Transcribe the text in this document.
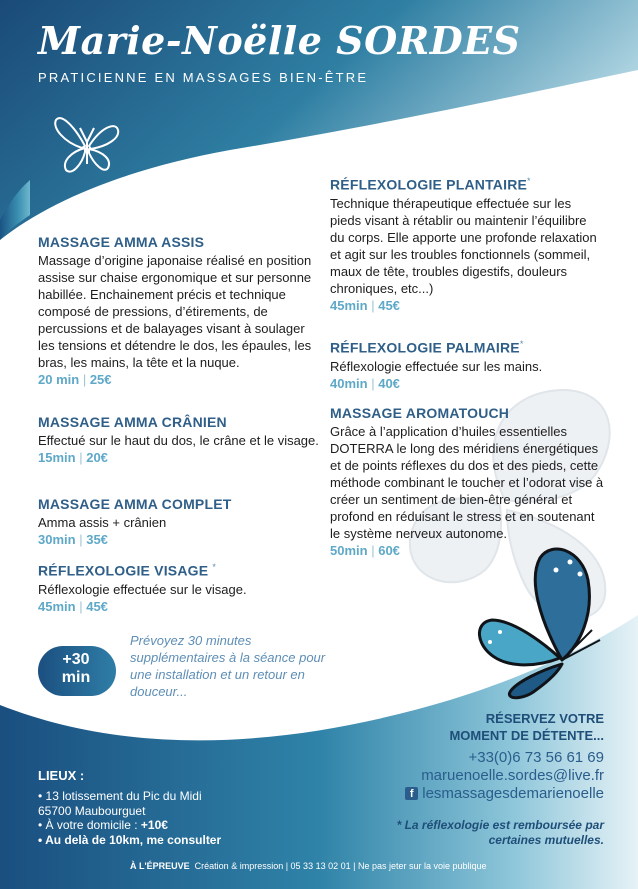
Marie-Noëlle SORDES
PRATICIENNE EN MASSAGES BIEN-ÊTRE
MASSAGE AMMA ASSIS

Massage d’origine japonaise réalisé en position assise sur chaise ergonomique et sur personne habillée. Enchainement précis et technique composé de pressions, d’étirements, de percussions et de balayages visant à soulager les tensions et détendre le dos, les épaules, les bras, les mains, la tête et la nuque.

20 min | 25€
MASSAGE AMMA CRÂNIEN

Effectué sur le haut du dos, le crâne et le visage.

15min | 20€
MASSAGE AMMA COMPLET

Amma assis + crânien

30min | 35€
RÉFLEXOLOGIE VISAGE *

Réflexologie effectuée sur le visage.

45min | 45€
RÉFLEXOLOGIE PLANTAIRE*

Technique thérapeutique effectuée sur les pieds visant à rétablir ou maintenir l’équilibre du corps. Elle apporte une profonde relaxation et agit sur les troubles fonctionnels (sommeil, maux de tête, troubles digestifs, douleurs chroniques, etc...)

45min | 45€
RÉFLEXOLOGIE PALMAIRE*

Réflexologie effectuée sur les mains.

40min | 40€
MASSAGE AROMATOUCH

Grâce à l’application d’huiles essentielles DOTERRA le long des méridiens énergétiques et de points réflexes du dos et des pieds, cette méthode combinant le toucher et l’odorat vise à créer un sentiment de bien-être général et profond en réduisant le stress et en soutenant le système nerveux autonome.

50min | 60€
+30
min
Prévoyez 30 minutes supplémentaires à la séance pour une installation et un retour en douceur...
RÉSERVEZ VOTRE
MOMENT DE DÉTENTE...
+33(0)6 73 56 61 69
maruenoelle.sordes@live.fr
f lesmassagesdemarienoelle
* La réflexologie est remboursée par
certaines mutuelles.
LIEUX :
• 13 lotissement du Pic du Midi
65700 Maubourguet
• À votre domicile : +10€
• Au delà de 10km, me consulter
À L'ÉPREUVE Création & impression | 05 33 13 02 01 | Ne pas jeter sur la voie publique
